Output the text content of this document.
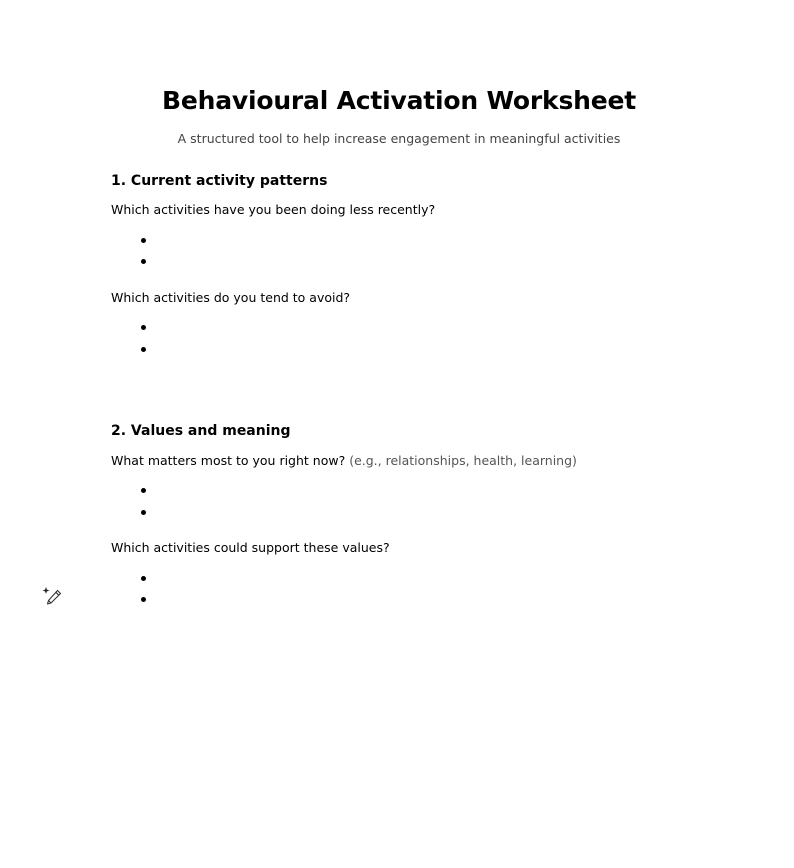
Behavioural Activation Worksheet

A structured tool to help increase engagement in meaningful activities

1. Current activity patterns

Which activities have you been doing less recently?

Which activities do you tend to avoid?

2. Values and meaning

What matters most to you right now? (e.g., relationships, health, learning)

Which activities could support these values?
